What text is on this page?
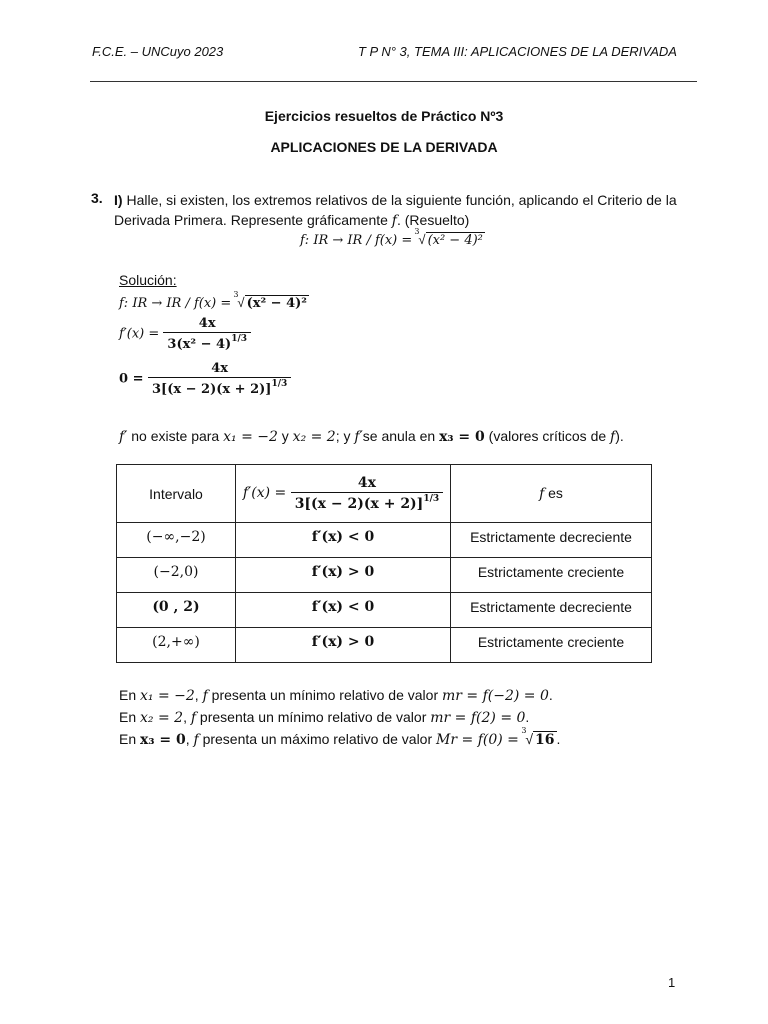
F.C.E. – UNCuyo 2023	T P N° 3, TEMA III: APLICACIONES DE LA DERIVADA
Ejercicios resueltos de Práctico Nº3
APLICACIONES DE LA DERIVADA
3. I) Halle, si existen, los extremos relativos de la siguiente función, aplicando el Criterio de la Derivada Primera. Represente gráficamente f. (Resuelto)
f: IR → IR / f(x) =
3
√ (x² − 4)²
Solución:
f: IR → IR / f(x) =
3
√ (x² − 4)²
$f'(x) = \frac{4x}{3(x^2 - 4)^{1/3}}$
$0 = \frac{4x}{3[(x - 2)(x + 2)]^{1/3}}$
f′ no existe para x₁ = −2 y x₂ = 2; y f′se anula en x₃ = 0 (valores críticos de f).
Intervalo	$f'(x) = \frac{4x}{3[(x - 2)(x + 2)]^{1/3}}$	f es
(−∞,−2)	f′(x) < 0	Estrictamente decreciente
(−2,0)	f′(x) > 0	Estrictamente creciente
(0 , 2)	f′(x) < 0	Estrictamente decreciente
(2,+∞)	f′(x) > 0	Estrictamente creciente
En x₁ = −2, f presenta un mínimo relativo de valor mr = f(−2) = 0.
En x₂ = 2, f presenta un mínimo relativo de valor mr = f(2) = 0.
En x₃ = 0, f presenta un máximo relativo de valor Mr = f(0) =
3
√ 16 .
1
